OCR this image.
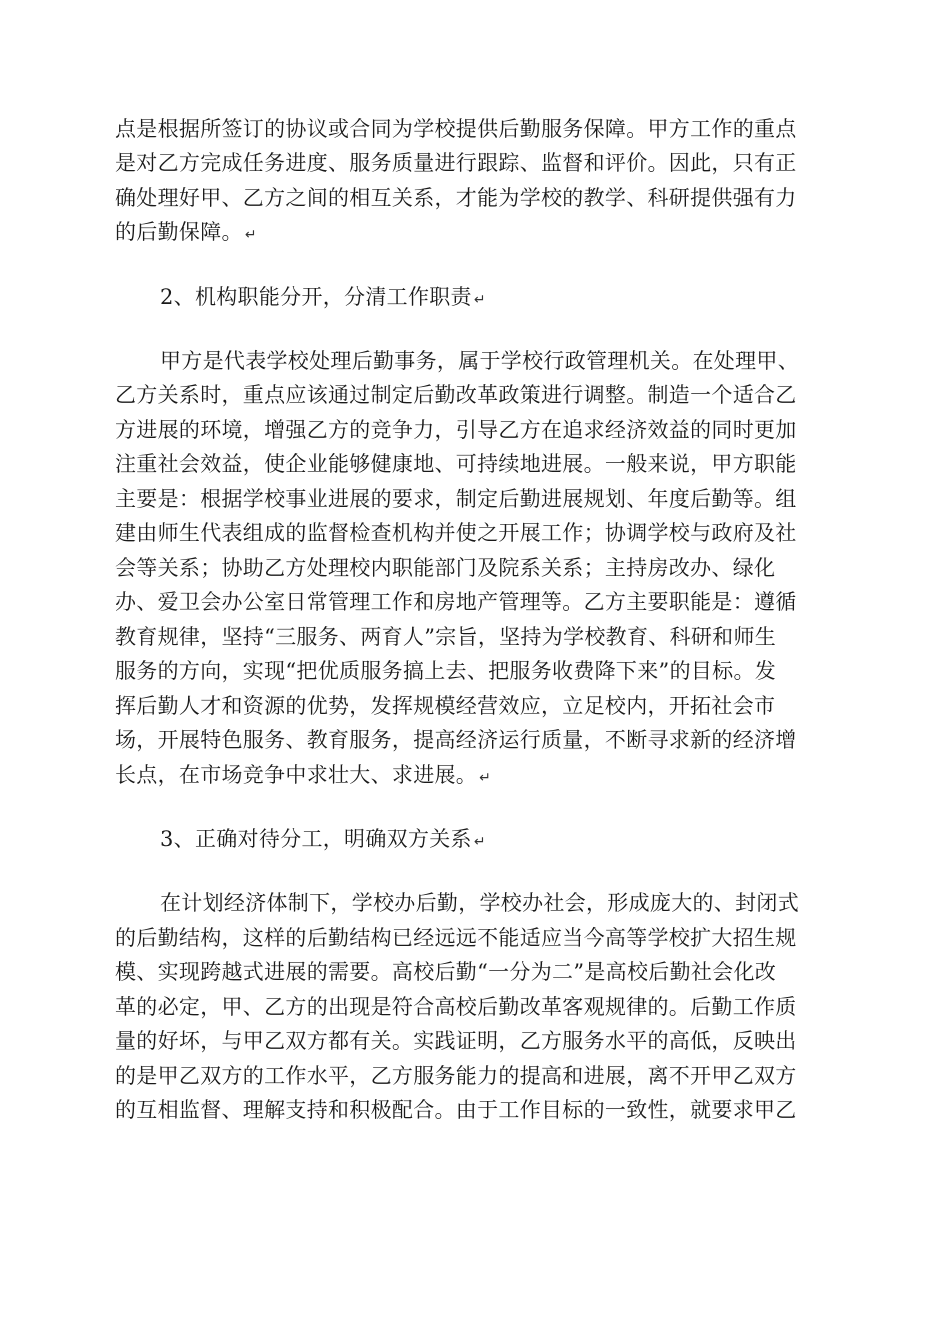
点是根据所签订的协议或合同为学校提供后勤服务保障。甲方工作的重点
是对乙方完成任务进度、服务质量进行跟踪、监督和评价。因此，只有正
确处理好甲、乙方之间的相互关系，才能为学校的教学、科研提供强有力
的后勤保障。 ↵
2、机构职能分开，分清工作职责 ↵
甲方是代表学校处理后勤事务，属于学校行政管理机关。在处理甲、
乙方关系时，重点应该通过制定后勤改革政策进行调整。制造一个适合乙
方进展的环境，增强乙方的竞争力，引导乙方在追求经济效益的同时更加
注重社会效益，使企业能够健康地、可持续地进展。一般来说，甲方职能
主要是：根据学校事业进展的要求，制定后勤进展规划、年度后勤等。组
建由师生代表组成的监督检查机构并使之开展工作；协调学校与政府及社
会等关系；协助乙方处理校内职能部门及院系关系；主持房改办、绿化
办、爱卫会办公室日常管理工作和房地产管理等。乙方主要职能是：遵循
教育规律，坚持“三服务、两育人”宗旨，坚持为学校教育、科研和师生
服务的方向，实现“把优质服务搞上去、把服务收费降下来”的目标。发
挥后勤人才和资源的优势，发挥规模经营效应，立足校内，开拓社会市
场，开展特色服务、教育服务，提高经济运行质量，不断寻求新的经济增
长点，在市场竞争中求壮大、求进展。 ↵
3、正确对待分工，明确双方关系 ↵
在计划经济体制下，学校办后勤，学校办社会，形成庞大的、封闭式
的后勤结构，这样的后勤结构已经远远不能适应当今高等学校扩大招生规
模、实现跨越式进展的需要。高校后勤“一分为二”是高校后勤社会化改
革的必定，甲、乙方的出现是符合高校后勤改革客观规律的。后勤工作质
量的好坏，与甲乙双方都有关。实践证明，乙方服务水平的高低，反映出
的是甲乙双方的工作水平，乙方服务能力的提高和进展，离不开甲乙双方
的互相监督、理解支持和积极配合。由于工作目标的一致性，就要求甲乙
